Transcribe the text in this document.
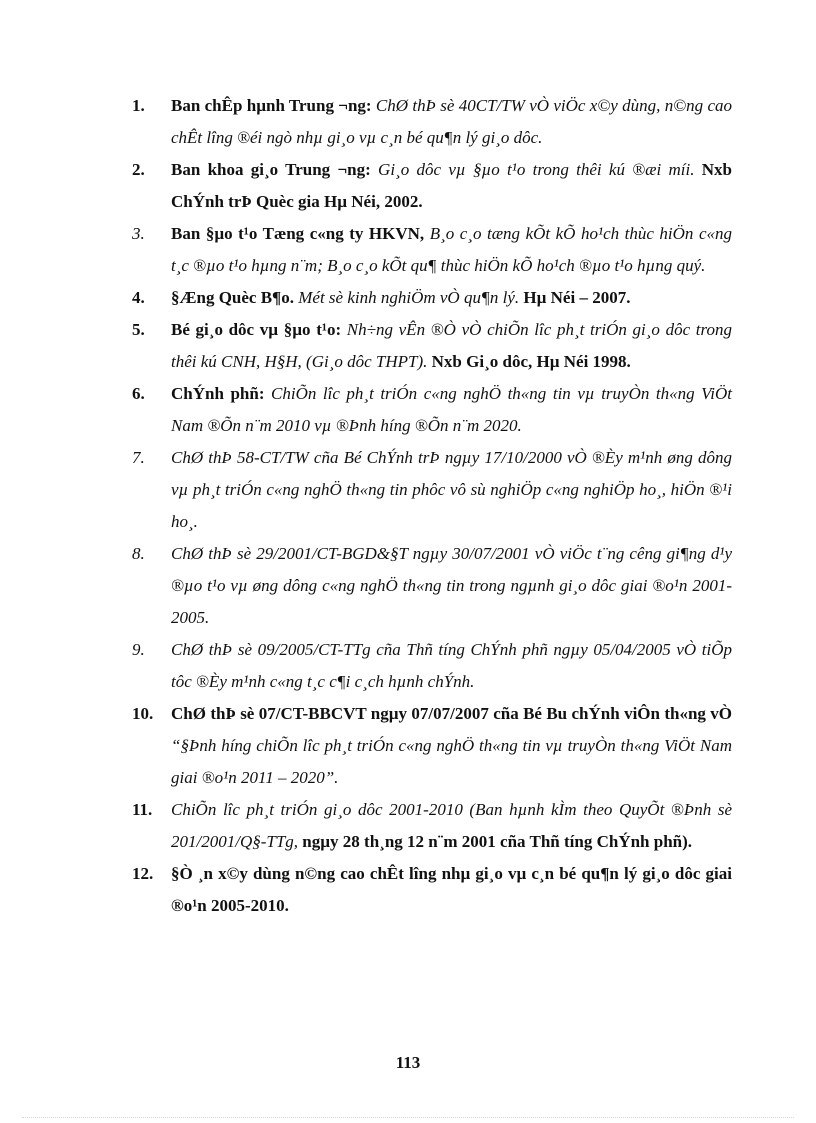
1.	Ban chÊp hµnh Trung ¬ng: ChØ thÞ sè 40CT/TW vÒ viÖc x©y dùng, n©ng cao chÊt lîng ®éi ngò nhµ gi¸o vµ c¸n bé qu¶n lý gi¸o dôc.
2.	Ban khoa gi¸o Trung ¬ng: Gi¸o dôc vµ §µo t¹o trong thêi kú ®æi míi. Nxb ChÝnh trÞ Quèc gia Hµ Néi, 2002.
3.	Ban §µo t¹o Tæng c«ng ty HKVN, B¸o c¸o tæng kÕt kÕ ho¹ch thùc hiÖn c«ng t¸c ®µo t¹o hµng n¨m; B¸o c¸o kÕt qu¶ thùc hiÖn kÕ ho¹ch ®µo t¹o hµng quý.
4.	§Æng Quèc B¶o. Mét sè kinh nghiÖm vÒ qu¶n lý. Hµ Néi – 2007.
5.	Bé gi¸o dôc vµ §µo t¹o: Nh÷ng vÊn ®Ò vÒ chiÕn lîc ph¸t triÓn gi¸o dôc trong thêi kú CNH, H§H, (Gi¸o dôc THPT). Nxb Gi¸o dôc, Hµ Néi 1998.
6.	ChÝnh phñ: ChiÕn lîc ph¸t triÓn c«ng nghÖ th«ng tin vµ truyÒn th«ng ViÖt Nam ®Õn n¨m 2010 vµ ®Þnh híng ®Õn n¨m 2020.
7.	ChØ thÞ 58-CT/TW cña Bé ChÝnh trÞ ngµy 17/10/2000 vÒ ®Èy m¹nh øng dông vµ ph¸t triÓn c«ng nghÖ th«ng tin phôc vô sù nghiÖp c«ng nghiÖp ho¸, hiÖn ®¹i ho¸.
8.	ChØ thÞ sè 29/2001/CT-BGD&§T ngµy 30/07/2001 vÒ viÖc t¨ng cêng gi¶ng d¹y ®µo t¹o vµ øng dông c«ng nghÖ th«ng tin trong ngµnh gi¸o dôc giai ®o¹n 2001-2005.
9.	ChØ thÞ sè 09/2005/CT-TTg cña Thñ tíng ChÝnh phñ ngµy 05/04/2005 vÒ tiÕp tôc ®Èy m¹nh c«ng t¸c c¶i c¸ch hµnh chÝnh.
10.	ChØ thÞ sè 07/CT-BBCVT ngµy 07/07/2007 cña Bé Bu chÝnh viÔn th«ng vÒ “§Þnh híng chiÕn lîc ph¸t triÓn c«ng nghÖ th«ng tin vµ truyÒn th«ng ViÖt Nam giai ®o¹n 2011 – 2020”.
11.	ChiÕn lîc ph¸t triÓn gi¸o dôc 2001-2010 (Ban hµnh kÌm theo QuyÕt ®Þnh sè 201/2001/Q§-TTg, ngµy 28 th¸ng 12 n¨m 2001 cña Thñ tíng ChÝnh phñ).
12.	§Ò ¸n x©y dùng n©ng cao chÊt lîng nhµ gi¸o vµ c¸n bé qu¶n lý gi¸o dôc giai ®o¹n 2005-2010.
113
